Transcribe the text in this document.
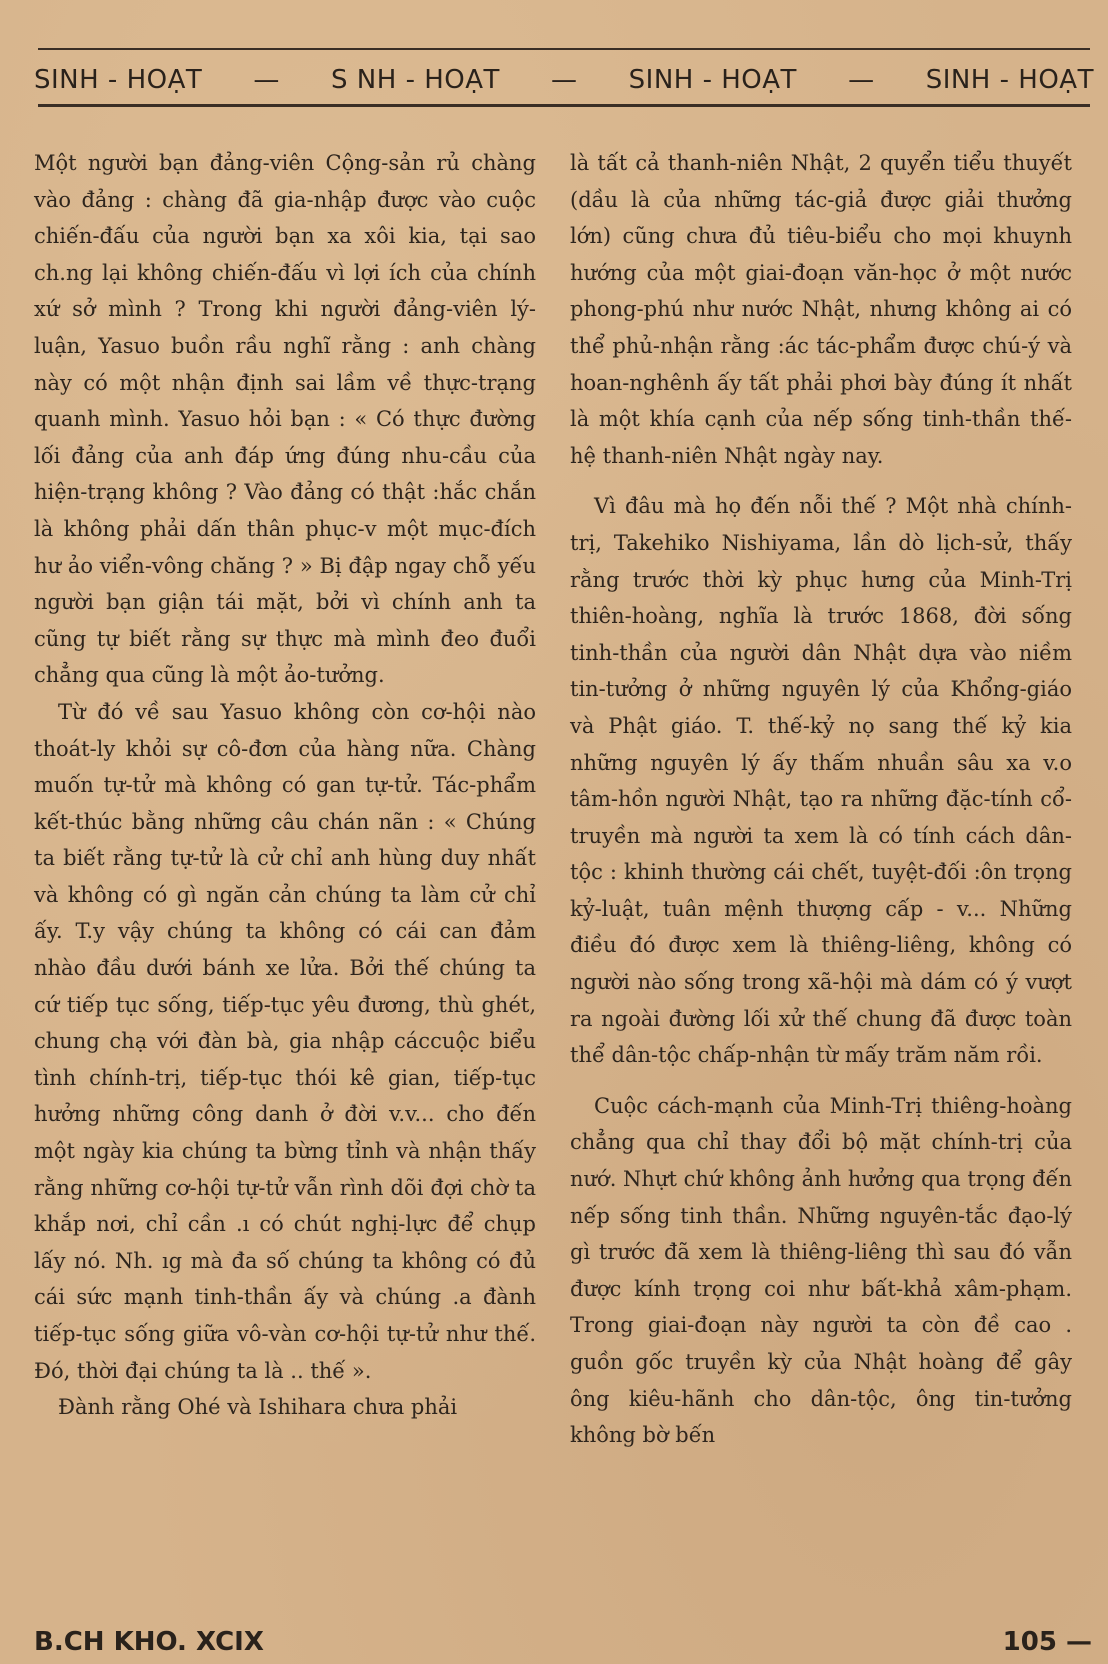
SINH - HOẠT — S NH - HOẠT — SINH - HOẠT — SINH - HOẠT

Một người bạn đảng-viên Cộng-sản rủ chàng vào đảng : chàng đã gia-nhập được vào cuộc chiến-đấu của người bạn xa xôi kia, tại sao ch.ng lại không chiến-đấu vì lợi ích của chính xứ sở mình ? Trong khi người đảng-viên lý-luận, Yasuo buồn rầu nghĩ rằng : anh chàng này có một nhận định sai lầm về thực-trạng quanh mình. Yasuo hỏi bạn : « Có thực đường lối đảng của anh đáp ứng đúng nhu-cầu của hiện-trạng không ? Vào đảng có thật :hắc chắn là không phải dấn thân phục-v một mục-đích hư ảo viển-vông chăng ? » Bị đập ngay chỗ yếu người bạn giận tái mặt, bởi vì chính anh ta cũng tự biết rằng sự thực mà mình đeo đuổi chẳng qua cũng là một ảo-tưởng.

Từ đó về sau Yasuo không còn cơ-hội nào thoát-ly khỏi sự cô-đơn của hàng nữa. Chàng muốn tự-tử mà không có gan tự-tử. Tác-phẩm kết-thúc bằng những câu chán nãn : « Chúng ta biết rằng tự-tử là cử chỉ anh hùng duy nhất và không có gì ngăn cản chúng ta làm cử chỉ ấy. T.y vậy chúng ta không có cái can đảm nhào đầu dưới bánh xe lửa. Bởi thế chúng ta cứ tiếp tục sống, tiếp-tục yêu đương, thù ghét, chung chạ với đàn bà, gia nhập cáccuộc biểu tình chính-trị, tiếp-tục thói kê gian, tiếp-tục hưởng những công danh ở đời v.v... cho đến một ngày kia chúng ta bừng tỉnh và nhận thấy rằng những cơ-hội tự-tử vẫn rình dõi đợi chờ ta khắp nơi, chỉ cần .ı có chút nghị-lực để chụp lấy nó. Nh. ıg mà đa số chúng ta không có đủ cái sức mạnh tinh-thần ấy và chúng .a đành tiếp-tục sống giữa vô-vàn cơ-hội tự-tử như thế. Đó, thời đại chúng ta là .. thế ».

Đành rằng Ohé và Ishihara chưa phải

là tất cả thanh-niên Nhật, 2 quyển tiểu thuyết (dầu là của những tác-giả được giải thưởng lớn) cũng chưa đủ tiêu-biểu cho mọi khuynh hướng của một giai-đoạn văn-học ở một nước phong-phú như nước Nhật, nhưng không ai có thể phủ-nhận rằng :ác tác-phẩm được chú-ý và hoan-nghênh ấy tất phải phơi bày đúng ít nhất là một khía cạnh của nếp sống tinh-thần thế-hệ thanh-niên Nhật ngày nay.

Vì đâu mà họ đến nỗi thế ? Một nhà chính-trị, Takehiko Nishiyama, lần dò lịch-sử, thấy rằng trước thời kỳ phục hưng của Minh-Trị thiên-hoàng, nghĩa là trước 1868, đời sống tinh-thần của người dân Nhật dựa vào niềm tin-tưởng ở những nguyên lý của Khổng-giáo và Phật giáo. T. thế-kỷ nọ sang thế kỷ kia những nguyên lý ấy thấm nhuần sâu xa v.o tâm-hồn người Nhật, tạo ra những đặc-tính cổ-truyền mà người ta xem là có tính cách dân-tộc : khinh thường cái chết, tuyệt-đối :ôn trọng kỷ-luật, tuân mệnh thượng cấp - v... Những điều đó được xem là thiêng-liêng, không có người nào sống trong xã-hội mà dám có ý vượt ra ngoài đường lối xử thế chung đã được toàn thể dân-tộc chấp-nhận từ mấy trăm năm rồi.

Cuộc cách-mạnh của Minh-Trị thiêng-hoàng chẳng qua chỉ thay đổi bộ mặt chính-trị của nướ. Nhựt chứ không ảnh hưởng qua trọng đến nếp sống tinh thần. Những nguyên-tắc đạo-lý gì trước đã xem là thiêng-liêng thì sau đó vẫn được kính trọng coi như bất-khả xâm-phạm. Trong giai-đoạn này người ta còn đề cao . guồn gốc truyền kỳ của Nhật hoàng để gây ông kiêu-hãnh cho dân-tộc, ông tin-tưởng không bờ bến

B.CH KHO. XCIX	105 —
